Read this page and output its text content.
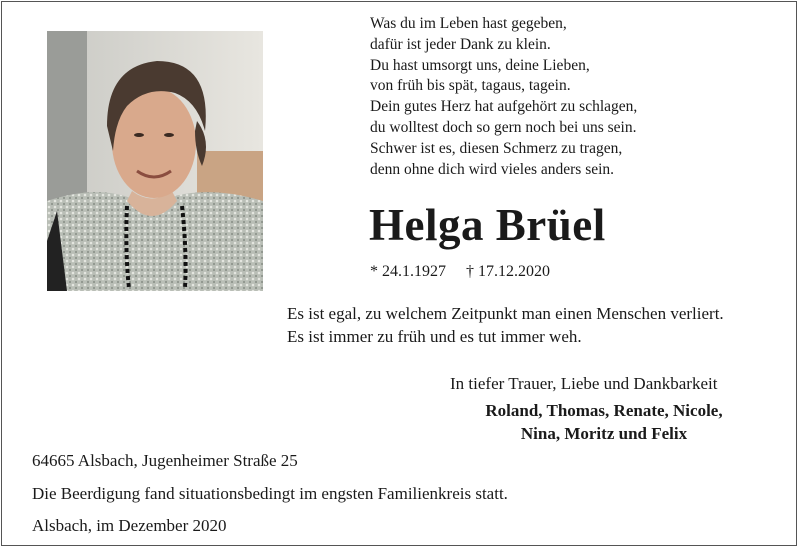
Was du im Leben hast gegeben,
dafür ist jeder Dank zu klein.
Du hast umsorgt uns, deine Lieben,
von früh bis spät, tagaus, tagein.
Dein gutes Herz hat aufgehört zu schlagen,
du wolltest doch so gern noch bei uns sein.
Schwer ist es, diesen Schmerz zu tragen,
denn ohne dich wird vieles anders sein.
Helga Brüel
* 24.1.1927 † 17.12.2020
Es ist egal, zu welchem Zeitpunkt man einen Menschen verliert.
Es ist immer zu früh und es tut immer weh.
In tiefer Trauer, Liebe und Dankbarkeit
Roland, Thomas, Renate, Nicole,
Nina, Moritz und Felix
64665 Alsbach, Jugenheimer Straße 25
Die Beerdigung fand situationsbedingt im engsten Familienkreis statt.
Alsbach, im Dezember 2020
